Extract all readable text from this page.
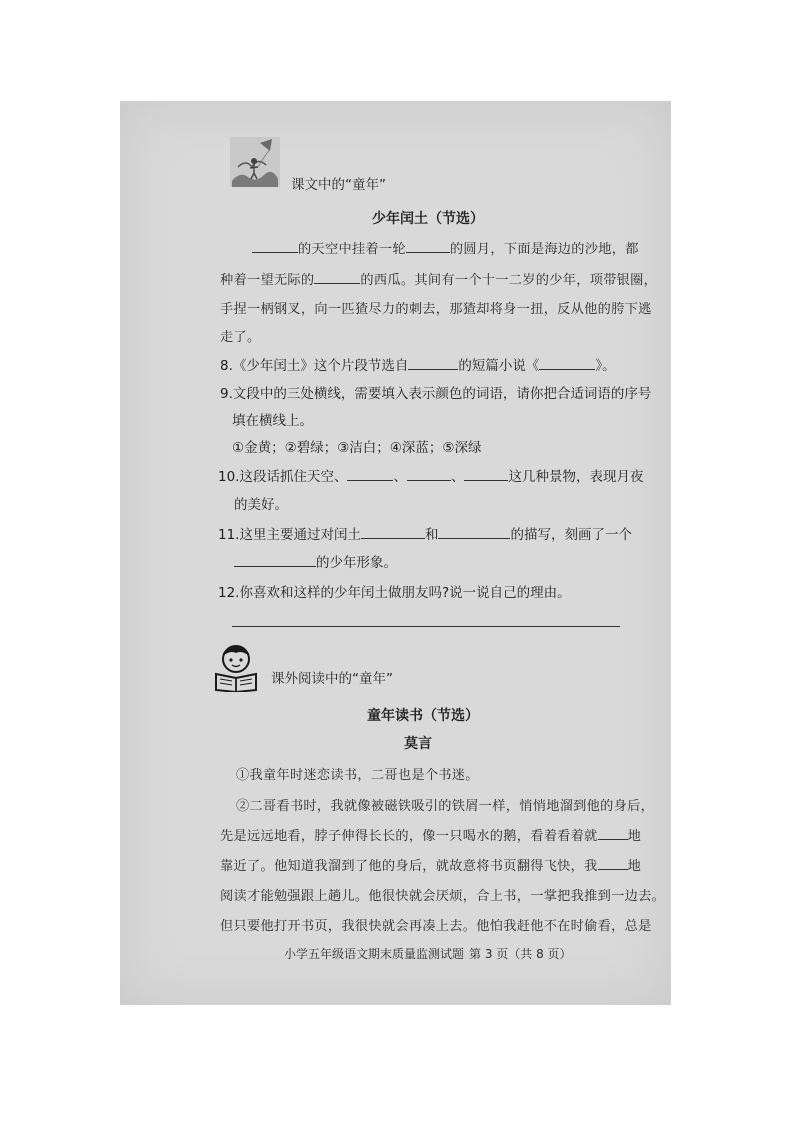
课文中的“童年”
少年闰土（节选）
的天空中挂着一轮	的圆月，下面是海边的沙地，都
种着一望无际的	的西瓜。其间有一个十一二岁的少年，项带银圈，
手捏一柄钢叉，向一匹猹尽力的刺去，那猹却将身一扭，反从他的胯下逃
走了。
8.《少年闰土》这个片段节选自	的短篇小说《	》。
9.文段中的三处横线，需要填入表示颜色的词语，请你把合适词语的序号
填在横线上。
①金黄；②碧绿；③洁白；④深蓝；⑤深绿
10.这段话抓住天空、	、	、	这几种景物，表现月夜
的美好。
11.这里主要通过对闰土	和	的描写，刻画了一个
的少年形象。
12.你喜欢和这样的少年闰土做朋友吗?说一说自己的理由。
课外阅读中的“童年”
童年读书（节选）
莫言
①我童年时迷恋读书，二哥也是个书迷。
②二哥看书时，我就像被磁铁吸引的铁屑一样，悄悄地溜到他的身后，
先是远远地看，脖子伸得长长的，像一只喝水的鹅，看着看着就 地
靠近了。他知道我溜到了他的身后，就故意将书页翻得飞快，我 地
阅读才能勉强跟上趟儿。他很快就会厌烦，合上书，一掌把我推到一边去。
但只要他打开书页，我很快就会再凑上去。他怕我赶他不在时偷看，总是
小学五年级语文期末质量监测试题 第 3 页（共 8 页）
